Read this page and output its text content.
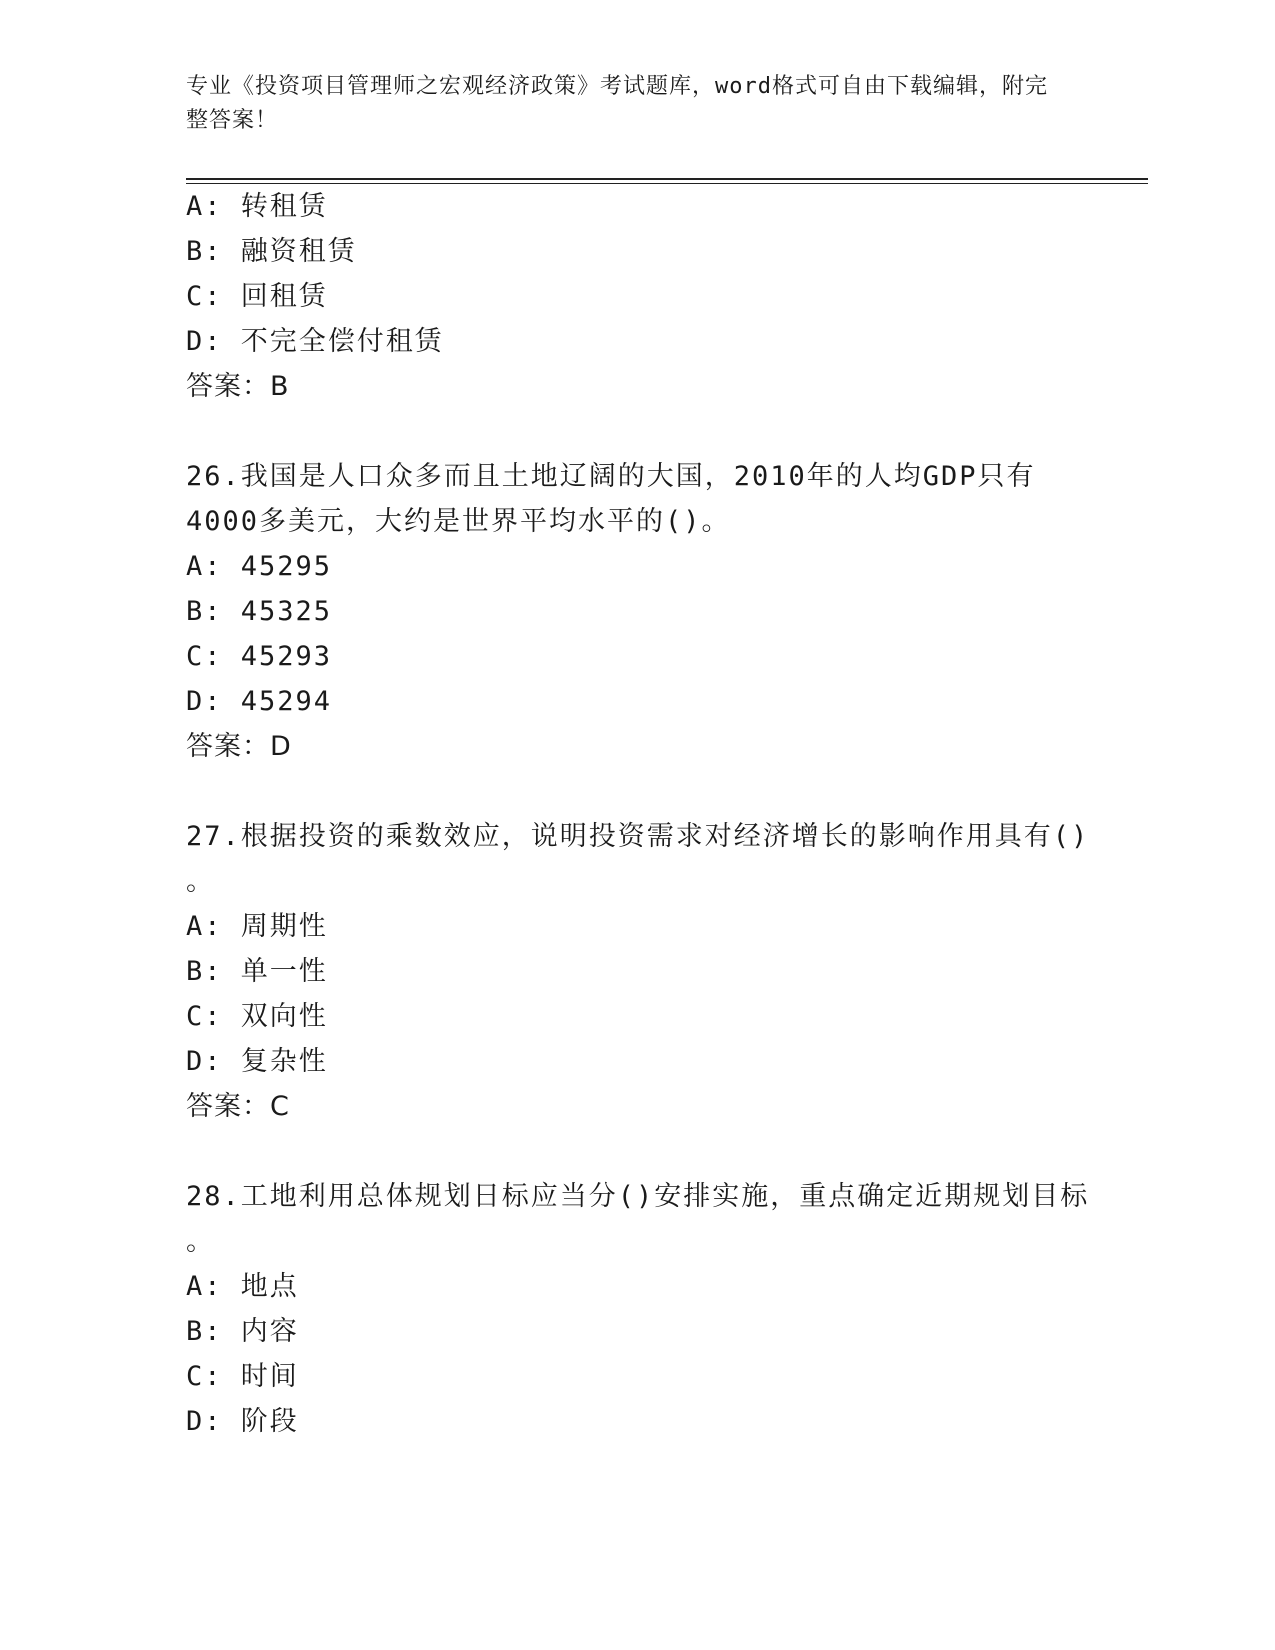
专业《投资项目管理师之宏观经济政策》考试题库，word格式可自由下载编辑，附完整答案！
A: 转租赁
B: 融资租赁
C: 回租赁
D: 不完全偿付租赁
答案：B
26.我国是人口众多而且土地辽阔的大国，2010年的人均GDP只有
4000多美元，大约是世界平均水平的()。
A: 45295
B: 45325
C: 45293
D: 45294
答案：D
27.根据投资的乘数效应，说明投资需求对经济增长的影响作用具有()
。
A: 周期性
B: 单一性
C: 双向性
D: 复杂性
答案：C
28.工地利用总体规划日标应当分()安排实施，重点确定近期规划目标
。
A: 地点
B: 内容
C: 时间
D: 阶段
